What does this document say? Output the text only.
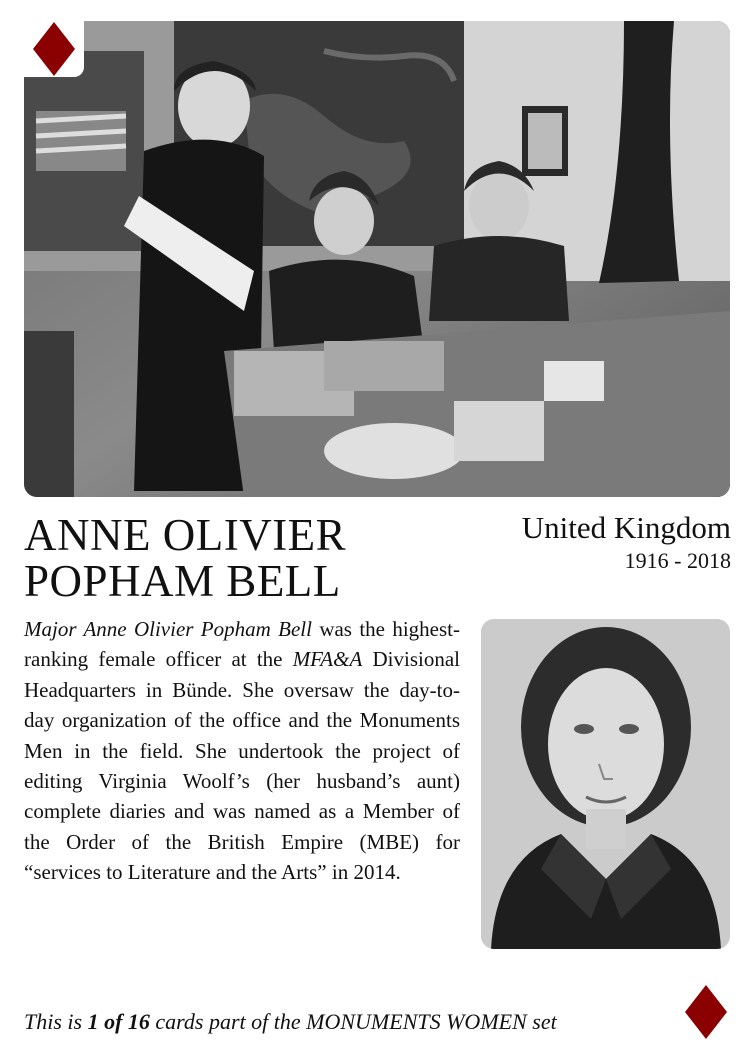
ANNE OLIVIER
POPHAM BELL

United Kingdom

1916 - 2018

Major Anne Olivier Popham Bell was the highest-ranking female officer at the MFA&A Divisional Headquarters in Bünde. She oversaw the day-to-day organization of the office and the Monuments Men in the field. She undertook the project of editing Virginia Woolf’s (her husband’s aunt) complete diaries and was named as a Member of the Order of the British Empire (MBE) for “services to Literature and the Arts” in 2014.

This is 1 of 16 cards part of the MONUMENTS WOMEN set
